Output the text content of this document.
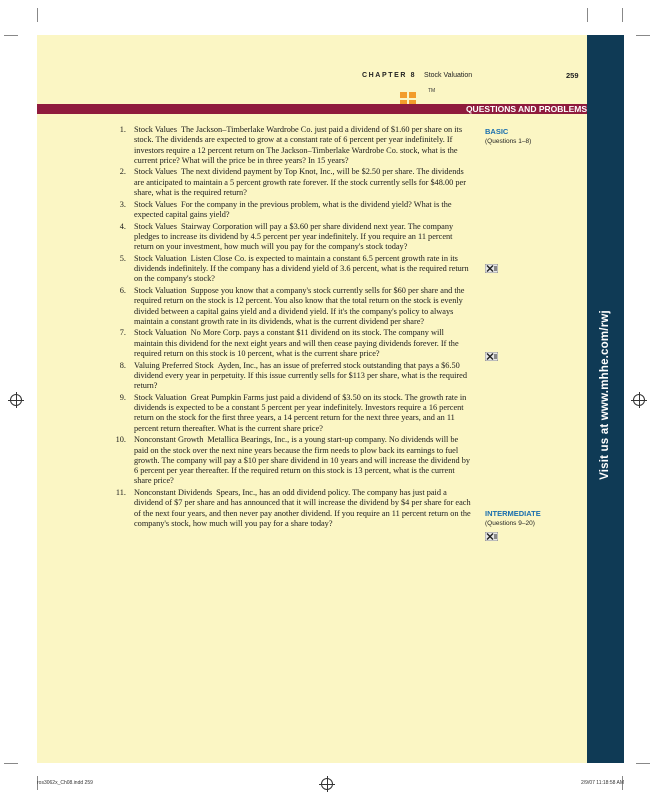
Visit us at www.mhhe.com/rwj
CHAPTER 8 Stock Valuation	259
TM
QUESTIONS AND PROBLEMS
BASIC
(Questions 1–8)
INTERMEDIATE
(Questions 9–20)
1. Stock Values The Jackson–Timberlake Wardrobe Co. just paid a dividend of $1.60 per share on its stock. The dividends are expected to grow at a constant rate of 6 percent per year indefinitely. If investors require a 12 percent return on The Jackson–Timberlake Wardrobe Co. stock, what is the current price? What will the price be in three years? In 15 years?
2. Stock Values The next dividend payment by Top Knot, Inc., will be $2.50 per share. The dividends are anticipated to maintain a 5 percent growth rate forever. If the stock currently sells for $48.00 per share, what is the required return?
3. Stock Values For the company in the previous problem, what is the dividend yield? What is the expected capital gains yield?
4. Stock Values Stairway Corporation will pay a $3.60 per share dividend next year. The company pledges to increase its dividend by 4.5 percent per year indefinitely. If you require an 11 percent return on your investment, how much will you pay for the company's stock today?
5. Stock Valuation Listen Close Co. is expected to maintain a constant 6.5 percent growth rate in its dividends indefinitely. If the company has a dividend yield of 3.6 percent, what is the required return on the company's stock?
6. Stock Valuation Suppose you know that a company's stock currently sells for $60 per share and the required return on the stock is 12 percent. You also know that the total return on the stock is evenly divided between a capital gains yield and a dividend yield. If it's the company's policy to always maintain a constant growth rate in its dividends, what is the current dividend per share?
7. Stock Valuation No More Corp. pays a constant $11 dividend on its stock. The company will maintain this dividend for the next eight years and will then cease paying dividends forever. If the required return on this stock is 10 percent, what is the current share price?
8. Valuing Preferred Stock Ayden, Inc., has an issue of preferred stock outstanding that pays a $6.50 dividend every year in perpetuity. If this issue currently sells for $113 per share, what is the required return?
9. Stock Valuation Great Pumpkin Farms just paid a dividend of $3.50 on its stock. The growth rate in dividends is expected to be a constant 5 percent per year indefinitely. Investors require a 16 percent return on the stock for the first three years, a 14 percent return for the next three years, and an 11 percent return thereafter. What is the current share price?
10. Nonconstant Growth Metallica Bearings, Inc., is a young start-up company. No dividends will be paid on the stock over the next nine years because the firm needs to plow back its earnings to fuel growth. The company will pay a $10 per share dividend in 10 years and will increase the dividend by 6 percent per year thereafter. If the required return on this stock is 13 percent, what is the current share price?
11. Nonconstant Dividends Spears, Inc., has an odd dividend policy. The company has just paid a dividend of $7 per share and has announced that it will increase the dividend by $4 per share for each of the next four years, and then never pay another dividend. If you require an 11 percent return on the company's stock, how much will you pay for a share today?
ros3062x_Ch08.indd 259	2/9/07 11:18:58 AM
